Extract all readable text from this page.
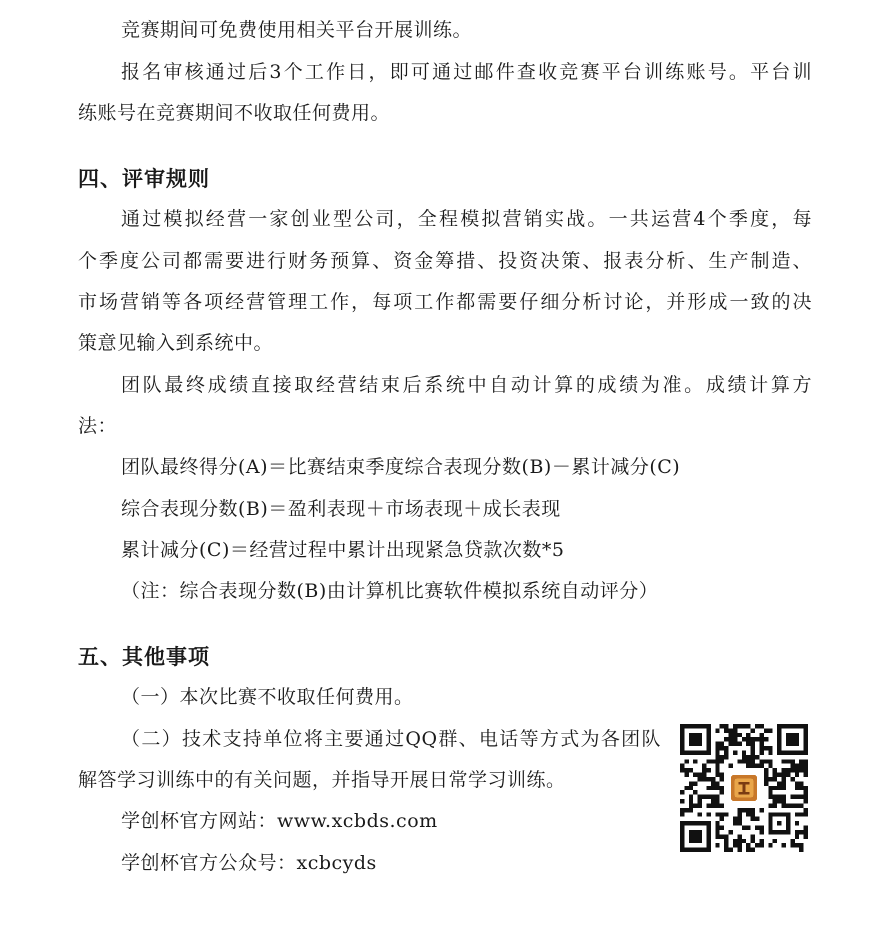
竞赛期间可免费使用相关平台开展训练。
报名审核通过后3个工作日，即可通过邮件查收竞赛平台训练账号。平台训
练账号在竞赛期间不收取任何费用。
四、评审规则
通过模拟经营一家创业型公司，全程模拟营销实战。一共运营4个季度，每
个季度公司都需要进行财务预算、资金筹措、投资决策、报表分析、生产制造、
市场营销等各项经营管理工作，每项工作都需要仔细分析讨论，并形成一致的决
策意见输入到系统中。
团队最终成绩直接取经营结束后系统中自动计算的成绩为准。成绩计算方
法：
团队最终得分(A)＝比赛结束季度综合表现分数(B)－累计减分(C)
综合表现分数(B)＝盈利表现＋市场表现＋成长表现
累计减分(C)＝经营过程中累计出现紧急贷款次数*5
（注：综合表现分数(B)由计算机比赛软件模拟系统自动评分）
五、其他事项
（一）本次比赛不收取任何费用。
（二）技术支持单位将主要通过QQ群、电话等方式为各团队
解答学习训练中的有关问题，并指导开展日常学习训练。
学创杯官方网站：www.xcbds.com
学创杯官方公众号：xcbcyds
